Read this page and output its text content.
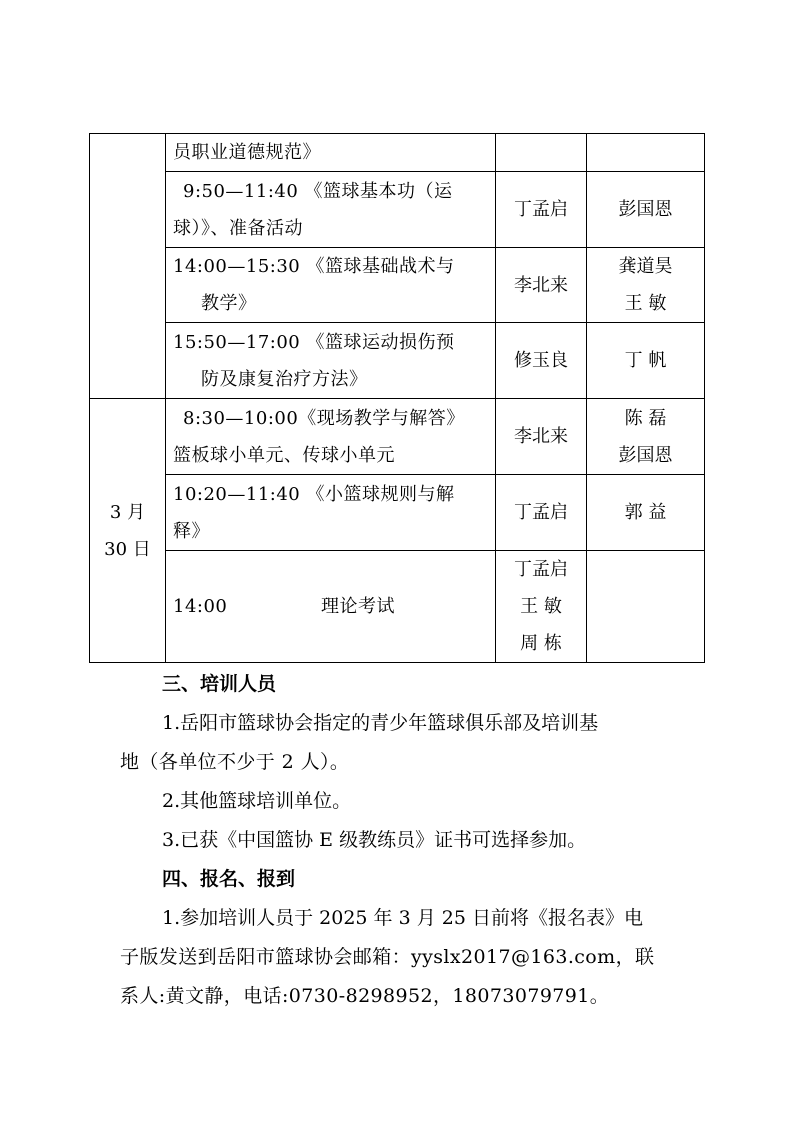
	员职业道德规范》		

	9:50—11:40 《篮球基本功（运
球）》、准备活动	丁孟启	彭国恩

	14:00—15:30 《篮球基础战术与
教学》	李北来	龚道昊
王 敏

	15:50—17:00 《篮球运动损伤预
防及康复治疗方法》	修玉良	丁 帆

3 月
30 日	8:30—10:00《现场教学与解答》
篮板球小单元、传球小单元	李北来	陈 磊
彭国恩

	10:20—11:40 《小篮球规则与解
释》	丁孟启	郭 益

	14:00 理论考试	丁孟启
王 敏
周 栋	

三、培训人员
1.岳阳市篮球协会指定的青少年篮球俱乐部及培训基
地（各单位不少于 2 人）。
2.其他篮球培训单位。
3.已获《中国篮协 E 级教练员》证书可选择参加。
四、报名、报到
1.参加培训人员于 2025 年 3 月 25 日前将《报名表》电
子版发送到岳阳市篮球协会邮箱：yyslx2017@163.com，联
系人:黄文静，电话:0730-8298952，18073079791。
